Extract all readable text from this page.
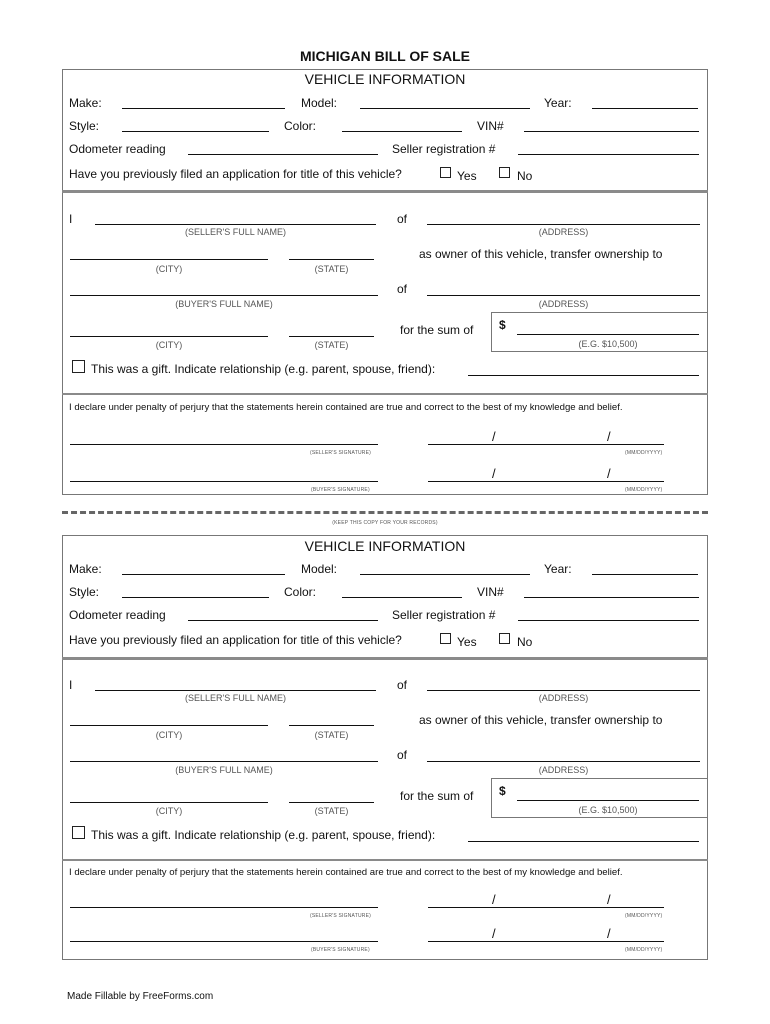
MICHIGAN BILL OF SALE
VEHICLE INFORMATION
Make:	Model:	Year:
Style:	Color:	VIN#
Odometer reading	Seller registration #
Have you previously filed an application for title of this vehicle?	Yes	No
I
(SELLER'S FULL NAME)
of
(ADDRESS)
(CITY)	(STATE)
as owner of this vehicle, transfer ownership to
(BUYER'S FULL NAME)
of
(ADDRESS)
(CITY)	(STATE)
for the sum of $
(E.G. $10,500)
This was a gift. Indicate relationship (e.g. parent, spouse, friend):
I declare under penalty of perjury that the statements herein contained are true and correct to the best of my knowledge and belief.
(SELLER'S SIGNATURE)
/	/
(MM/DD/YYYY)
(BUYER'S SIGNATURE)
/	/
(MM/DD/YYYY)
(KEEP THIS COPY FOR YOUR RECORDS)
VEHICLE INFORMATION
Make:	Model:	Year:
Style:	Color:	VIN#
Odometer reading	Seller registration #
Have you previously filed an application for title of this vehicle?	Yes	No
I
(SELLER'S FULL NAME)
of
(ADDRESS)
(CITY)	(STATE)
as owner of this vehicle, transfer ownership to
(BUYER'S FULL NAME)
of
(ADDRESS)
(CITY)	(STATE)
for the sum of $
(E.G. $10,500)
This was a gift. Indicate relationship (e.g. parent, spouse, friend):
I declare under penalty of perjury that the statements herein contained are true and correct to the best of my knowledge and belief.
(SELLER'S SIGNATURE)
/	/
(MM/DD/YYYY)
(BUYER'S SIGNATURE)
/	/
(MM/DD/YYYY)
Made Fillable by FreeForms.com
